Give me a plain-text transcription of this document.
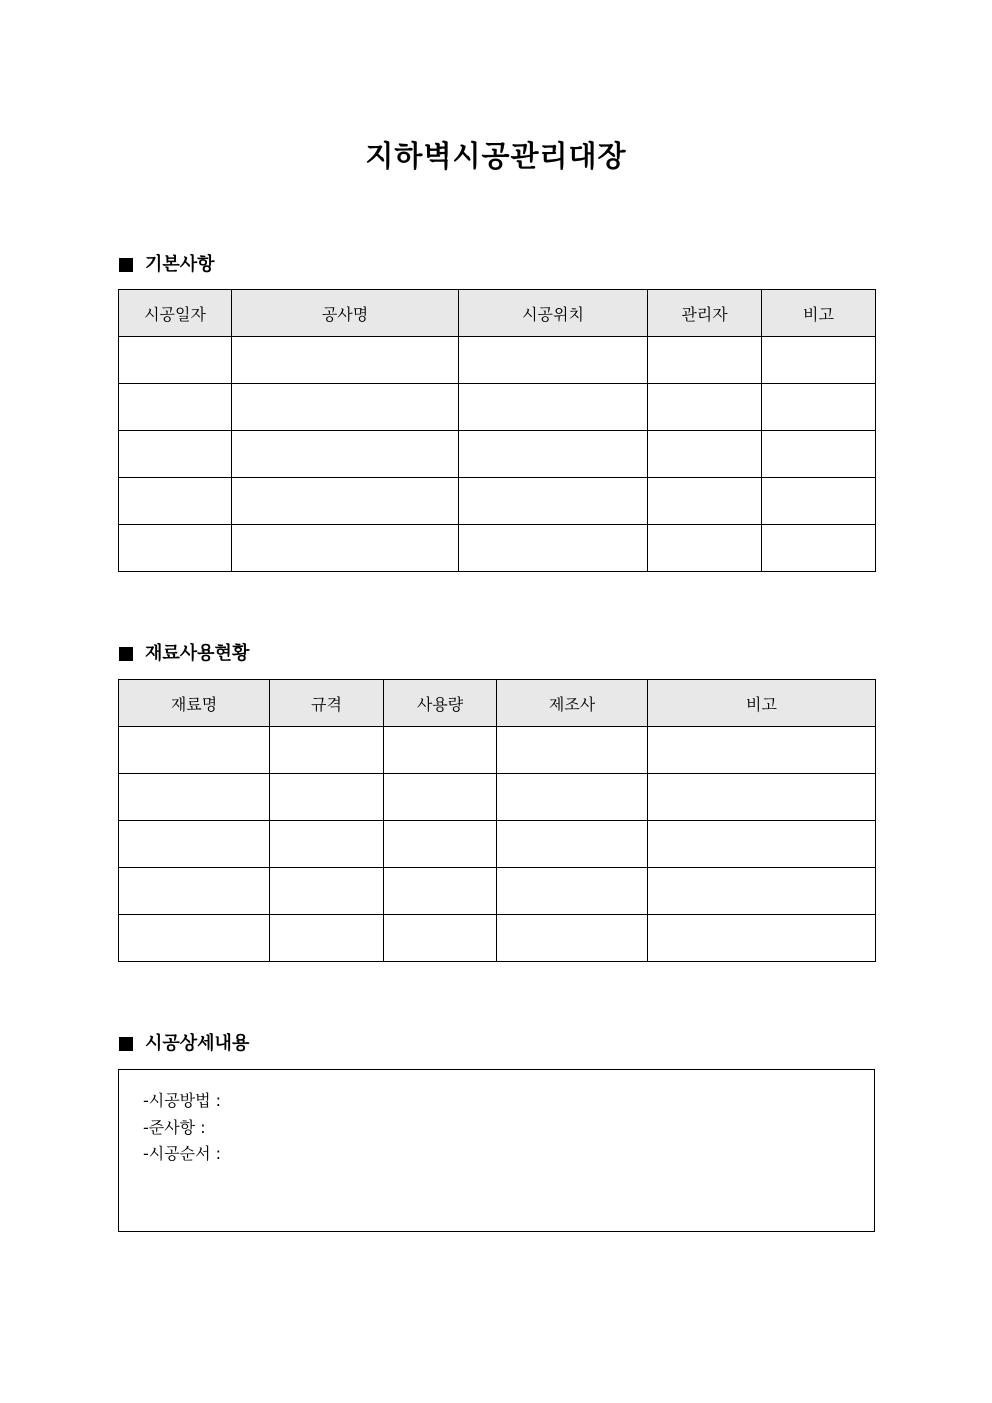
지하벽시공관리대장
기본사항
시공일자	공사명	시공위치	관리자	비고

재료사용현황
재료명	규격	사용량	제조사	비고

시공상세내용
-시공방법 :
-준사항 :
-시공순서 :
